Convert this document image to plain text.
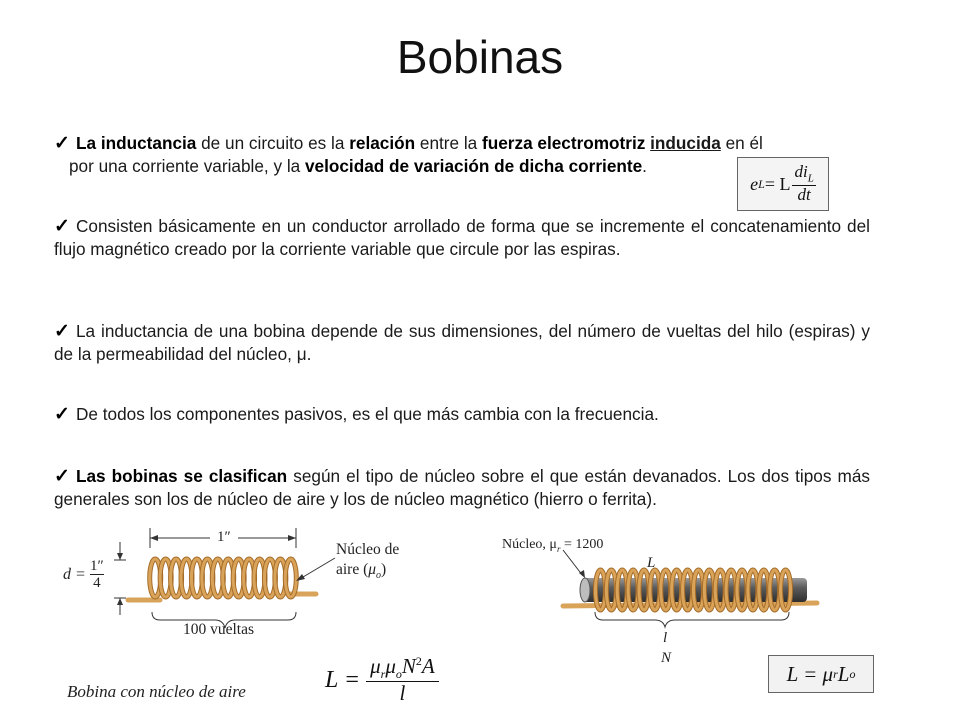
Bobinas
✓ La inductancia de un circuito es la relación entre la fuerza electromotriz inducida en él
por una corriente variable, y la velocidad de variación de dicha corriente.
e L = L $\frac{di_L}{dt}$
✓ Consisten básicamente en un conductor arrollado de forma que se incremente el concatenamiento del flujo magnético creado por la corriente variable que circule por las espiras.
✓ La inductancia de una bobina depende de sus dimensiones, del número de vueltas del hilo (espiras) y de la permeabilidad del núcleo, μ.
✓ De todos los componentes pasivos, es el que más cambia con la frecuencia.
✓ Las bobinas se clasifican según el tipo de núcleo sobre el que están devanados. Los dos tipos más generales son los de núcleo de aire y los de núcleo magnético (hierro o ferrita).
1″
d = 1″
4
Núcleo de
aire $(\mu_o)$
100 vueltas
Bobina con núcleo de aire	$L = \frac{\mu_r\mu_oN^2A}{l}$
Núcleo, $\mu_r = 1200$
L
l
N
L = μ r L o
